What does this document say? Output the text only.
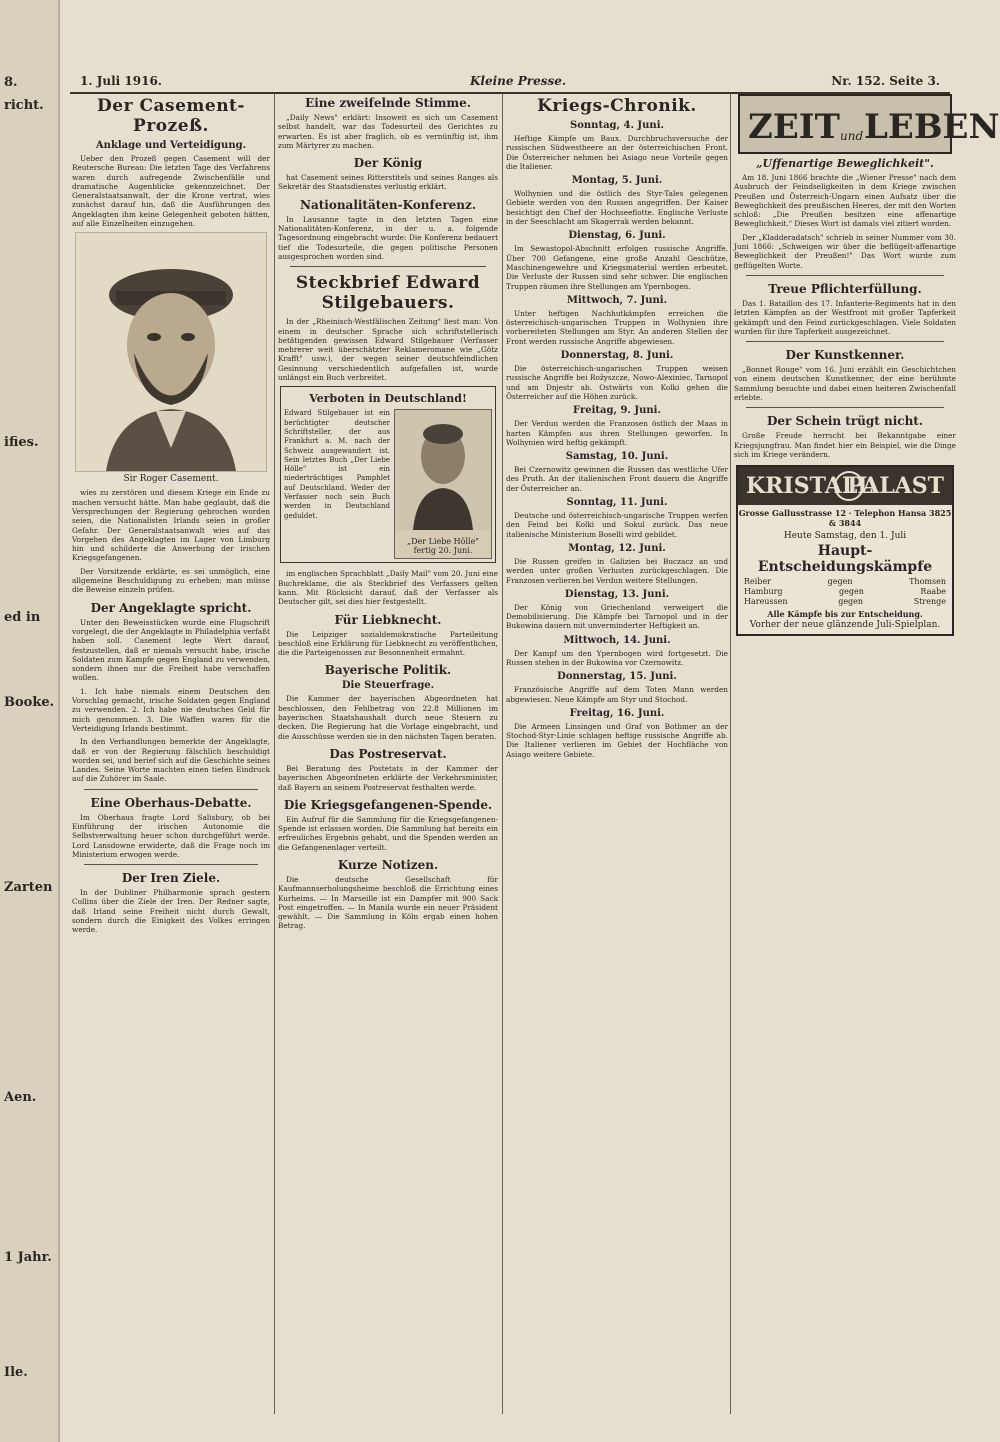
8.
richt.
ifies.
ed in
Booke.
Zarten
Aen.
1 Jahr.
Ile.
1. Juli 1916.	Kleine Presse.	Nr. 152. Seite 3.
Der Casement-Prozeß.
Anklage und Verteidigung.

Ueber den Prozeß gegen Casement will der Reutersche Bureau: Die letzten Tage des Verfahrens waren durch aufregende Zwischenfälle und dramatische Augenblicke gekennzeichnet. Der Generalstaatsanwalt, der die Krone vertrat, wies zunächst darauf hin, daß die Ausführungen des Angeklagten ihm keine Gelegenheit geboten hätten, auf alle Einzelheiten einzugehen.

Sir Roger Casement.

wies zu zerstören und diesem Kriege ein Ende zu machen versucht hätte. Man habe geglaubt, daß die Versprechungen der Regierung gebrochen worden seien, die Nationalisten Irlands seien in großer Gefahr. Der Generalstaatsanwalt wies auf das Vorgehen des Angeklagten im Lager von Limburg hin und schilderte die Anwerbung der irischen Kriegsgefangenen.

Der Vorsitzende erklärte, es sei unmöglich, eine allgemeine Beschuldigung zu erheben; man müsse die Beweise einzeln prüfen.

Der Angeklagte spricht.

Unter den Beweisstücken wurde eine Flugschrift vorgelegt, die der Angeklagte in Philadelphia verfaßt haben soll. Casement legte Wert darauf, festzustellen, daß er niemals versucht habe, irische Soldaten zum Kampfe gegen England zu verwenden, sondern ihnen nur die Freiheit habe verschaffen wollen.

1. Ich habe niemals einem Deutschen den Vorschlag gemacht, irische Soldaten gegen England zu verwenden. 2. Ich habe nie deutsches Geld für mich genommen. 3. Die Waffen waren für die Verteidigung Irlands bestimmt.

In den Verhandlungen bemerkte der Angeklagte, daß er von der Regierung fälschlich beschuldigt worden sei, und berief sich auf die Geschichte seines Landes. Seine Worte machten einen tiefen Eindruck auf die Zuhörer im Saale.

Eine Oberhaus-Debatte.

Im Oberhaus fragte Lord Salisbury, ob bei Einführung der irischen Autonomie die Selbstverwaltung heuer schon durchgeführt werde. Lord Lansdowne erwiderte, daß die Frage noch im Ministerium erwogen werde.

Der Iren Ziele.

In der Dubliner Philharmonie sprach gestern Collins über die Ziele der Iren. Der Redner sagte, daß Irland seine Freiheit nicht durch Gewalt, sondern durch die Einigkeit des Volkes erringen werde.

Eine zweifelnde Stimme.

„Daily News" erklärt: Insoweit es sich um Casement selbst handelt, war das Todesurteil des Gerichtes zu erwarten. Es ist aber fraglich, ob es vernünftig ist, ihm zum Märtyrer zu machen.

Der König

hat Casement seines Ritterstitels und seines Ranges als Sekretär des Staatsdienstes verlustig erklärt.

Nationalitäten-Konferenz.

In Lausanne tagte in den letzten Tagen eine Nationalitäten-Konferenz, in der u. a. folgende Tagesordnung eingebracht wurde: Die Konferenz bedauert tief die Todesurteile, die gegen politische Personen ausgesprochen worden sind.

Steckbrief Edward Stilgebauers.

In der „Rheinisch-Westfälischen Zeitung" liest man: Von einem in deutscher Sprache sich schriftstellerisch betätigenden gewissen Edward Stilgebauer (Verfasser mehrerer weit überschätzter Reklameromane wie „Götz Krafft" usw.), der wegen seiner deutschfeindlichen Gesinnung verschiedentlich aufgefallen ist, wurde unlängst ein Buch verbreitet.

Verboten in Deutschland!
„Der Liebe Hölle" fertig 20. Juni.

Edward Stilgebauer ist ein berüchtigter deutscher Schriftsteller, der aus Frankfurt a. M. nach der Schweiz ausgewandert ist. Sein letztes Buch „Der Liebe Hölle" ist ein niederträchtiges Pamphlet auf Deutschland. Weder der Verfasser noch sein Buch werden in Deutschland geduldet.

im englischen Sprachblatt „Daily Mail" vom 20. Juni eine Buchreklame, die als Steckbrief des Verfassers gelten kann. Mit Rücksicht darauf, daß der Verfasser als Deutscher gilt, sei dies hier festgestellt.

Für Liebknecht.

Die Leipziger sozialdemokratische Parteileitung beschloß eine Erklärung für Liebknecht zu veröffentlichen, die die Parteigenossen zur Besonnenheit ermahnt.

Bayerische Politik.
Die Steuerfrage.

Die Kammer der bayerischen Abgeordneten hat beschlossen, den Fehlbetrag von 22.8 Millionen im bayerischen Staatshaushalt durch neue Steuern zu decken. Die Regierung hat die Vorlage eingebracht, und die Ausschüsse werden sie in den nächsten Tagen beraten.

Das Postreservat.

Bei Beratung des Postetats in der Kammer der bayerischen Abgeordneten erklärte der Verkehrsminister, daß Bayern an seinem Postreservat festhalten werde.

Die Kriegsgefangenen-Spende.

Ein Aufruf für die Sammlung für die Kriegsgefangenen-Spende ist erlassen worden. Die Sammlung hat bereits ein erfreuliches Ergebnis gehabt, und die Spenden werden an die Gefangenenlager verteilt.

Kurze Notizen.

Die deutsche Gesellschaft für Kaufmannserholungsheime beschloß die Errichtung eines Kurheims. — In Marseille ist ein Dampfer mit 900 Sack Post eingetroffen. — In Manila wurde ein neuer Präsident gewählt. — Die Sammlung in Köln ergab einen hohen Betrag.

Kriegs-Chronik.
Sonntag, 4. Juni.

Heftige Kämpfe um Baux. Durchbruchsversuche der russischen Südwestheere an der österreichischen Front. Die Österreicher nehmen bei Asiago neue Vorteile gegen die Italiener.

Montag, 5. Juni.

Wolhynien und die östlich des Styr-Tales gelegenen Gebiete werden von den Russen angegriffen. Der Kaiser besichtigt den Chef der Hochseeflotte. Englische Verluste in der Seeschlacht am Skagerrak werden bekannt.

Dienstag, 6. Juni.

Im Sewastopol-Abschnitt erfolgen russische Angriffe. Über 700 Gefangene, eine große Anzahl Geschütze, Maschinengewehre und Kriegsmaterial werden erbeutet. Die Verluste der Russen sind sehr schwer. Die englischen Truppen räumen ihre Stellungen am Ypernbogen.

Mittwoch, 7. Juni.

Unter heftigen Nachhutkämpfen erreichen die österreichisch-ungarischen Truppen in Wolhynien ihre vorbereiteten Stellungen am Styr. An anderen Stellen der Front werden russische Angriffe abgewiesen.

Donnerstag, 8. Juni.

Die österreichisch-ungarischen Truppen weisen russische Angriffe bei Rožyszcze, Nowo-Alexiniec, Tarnopol und am Dnjestr ab. Ostwärts von Kolki gehen die Österreicher auf die Höhen zurück.

Freitag, 9. Juni.

Der Verdun werden die Franzosen östlich der Maas in harten Kämpfen aus ihren Stellungen geworfen. In Wolhynien wird heftig gekämpft.

Samstag, 10. Juni.

Bei Czernowitz gewinnen die Russen das westliche Ufer des Pruth. An der italienischen Front dauern die Angriffe der Österreicher an.

Sonntag, 11. Juni.

Deutsche und österreichisch-ungarische Truppen werfen den Feind bei Kolki und Sokul zurück. Das neue italienische Ministerium Boselli wird gebildet.

Montag, 12. Juni.

Die Russen greifen in Galizien bei Buczacz an und werden unter großen Verlusten zurückgeschlagen. Die Franzosen verlieren bei Verdun weitere Stellungen.

Dienstag, 13. Juni.

Der König von Griechenland verweigert die Demobilisierung. Die Kämpfe bei Tarnopol und in der Bukowina dauern mit unverminderter Heftigkeit an.

Mittwoch, 14. Juni.

Der Kampf um den Ypernbogen wird fortgesetzt. Die Russen stehen in der Bukowina vor Czernowitz.

Donnerstag, 15. Juni.

Französische Angriffe auf dem Toten Mann werden abgewiesen. Neue Kämpfe am Styr und Stochod.

Freitag, 16. Juni.

Die Armeen Linsingen und Graf von Bothmer an der Stochod-Styr-Linie schlagen heftige russische Angriffe ab. Die Italiener verlieren im Gebiet der Hochfläche von Asiago weitere Gebiete.

ZEIT und LEBEN
„Uffenartige Beweglichkeit".

Am 18. Juni 1866 brachte die „Wiener Presse" nach dem Ausbruch der Feindseligkeiten in dem Kriege zwischen Preußen und Österreich-Ungarn einen Aufsatz über die Beweglichkeit des preußischen Heeres, der mit den Worten schloß: „Die Preußen besitzen eine affenartige Beweglichkeit." Dieses Wort ist damals viel zitiert worden.

Der „Kladderadatsch" schrieb in seiner Nummer vom 30. Juni 1866: „Schweigen wir über die beflügelt-affenartige Beweglichkeit der Preußen!" Das Wort wurde zum geflügelten Worte.

Treue Pflichterfüllung.

Das 1. Bataillon des 17. Infanterie-Regiments hat in den letzten Kämpfen an der Westfront mit großer Tapferkeit gekämpft und den Feind zurückgeschlagen. Viele Soldaten wurden für ihre Tapferkeit ausgezeichnet.

Der Kunstkenner.

„Bonnet Rouge" vom 16. Juni erzählt ein Geschichtchen von einem deutschen Kunstkenner, der eine berühmte Sammlung besuchte und dabei einen heiteren Zwischenfall erlebte.

Der Schein trügt nicht.

Große Freude herrscht bei Bekanntgabe einer Kriegsjungfrau. Man findet hier ein Beispiel, wie die Dinge sich im Kriege verändern.

KRISTALL
PALAST
Grosse Gallusstrasse 12 · Telephon Hansa 3825 & 3844
Heute Samstag, den 1. Juli
Haupt-Entscheidungskämpfe
Reiber	gegen	Thomsen
Hamburg	gegen	Raabe
Hareussen	gegen	Strenge
Alle Kämpfe bis zur Entscheidung.
Vorher der neue glänzende Juli-Spielplan.
